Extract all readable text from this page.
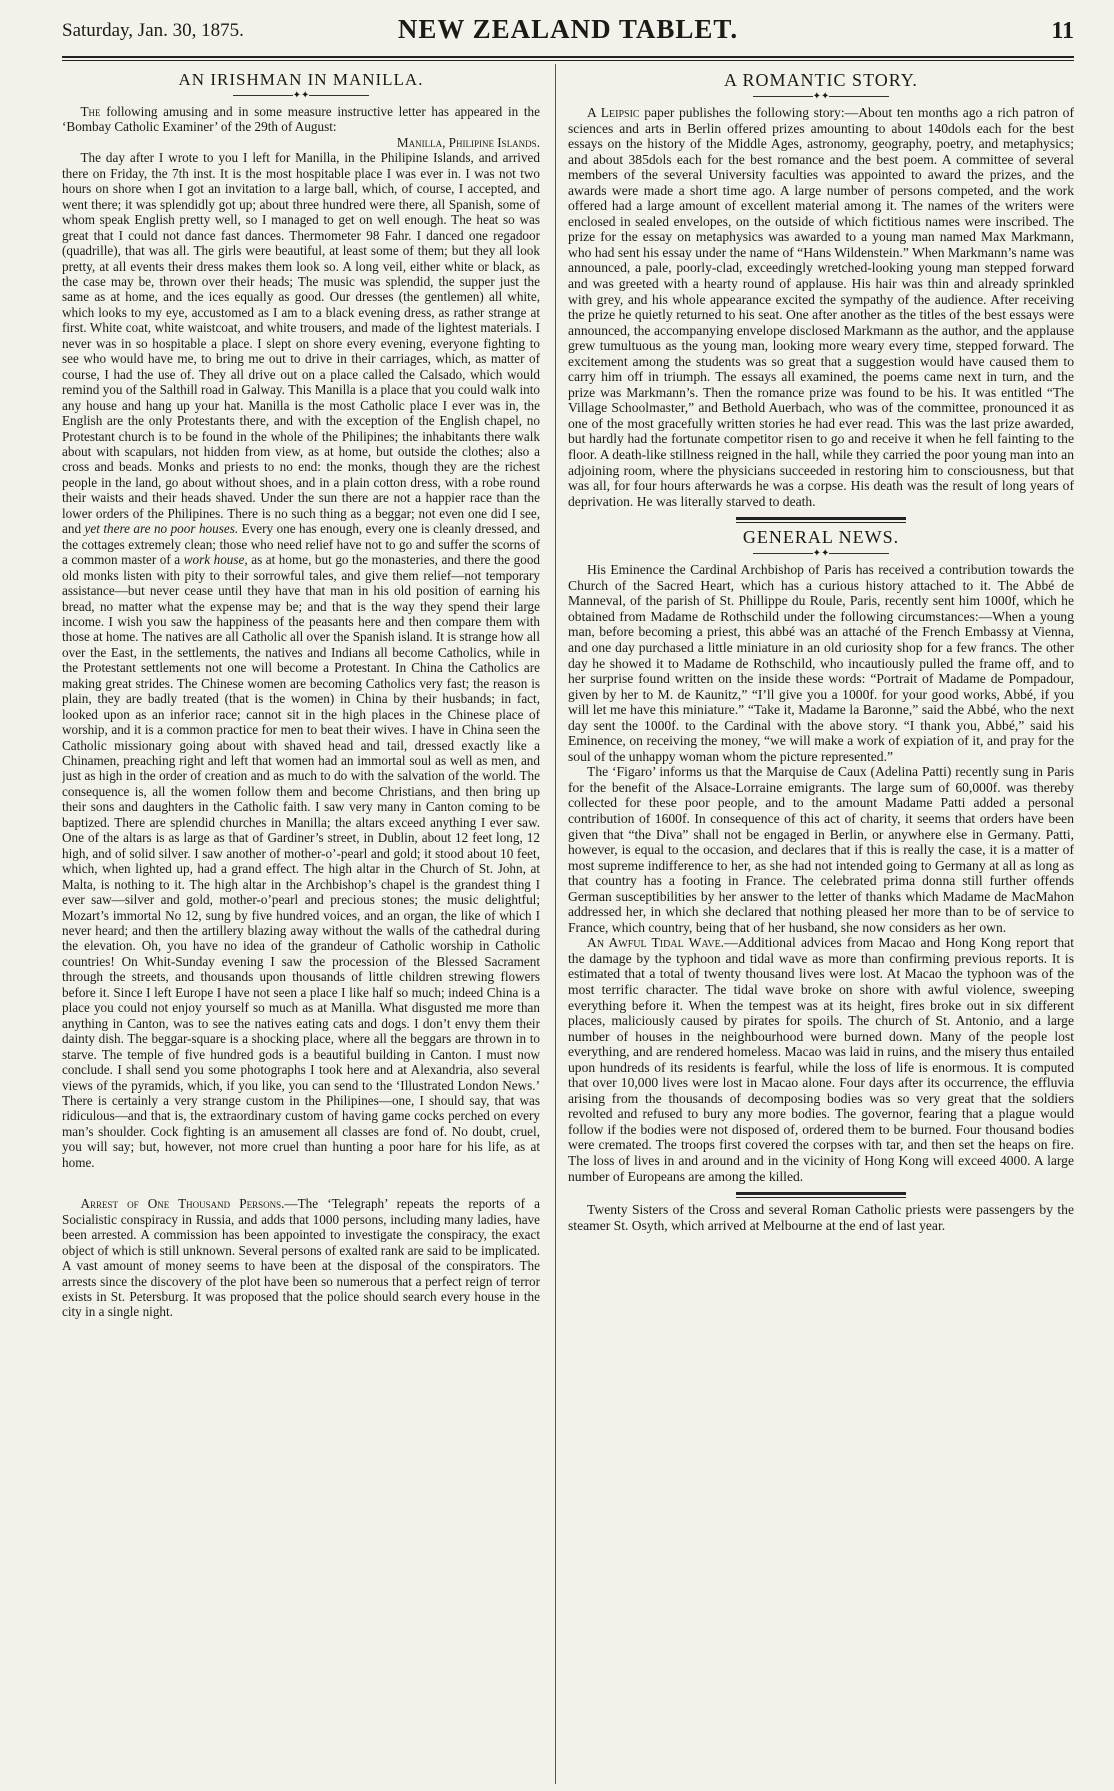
Saturday, Jan. 30, 1875.	NEW ZEALAND TABLET.	11
AN IRISHMAN IN MANILLA.
✦✦

The following amusing and in some measure instructive letter has appeared in the ‘Bombay Catholic Examiner’ of the 29th of August:

Manilla, Philipine Islands.

The day after I wrote to you I left for Manilla, in the Philipine Islands, and arrived there on Friday, the 7th inst. It is the most hospitable place I was ever in. I was not two hours on shore when I got an invitation to a large ball, which, of course, I accepted, and went there; it was splendidly got up; about three hundred were there, all Spanish, some of whom speak English pretty well, so I managed to get on well enough. The heat so was great that I could not dance fast dances. Thermometer 98 Fahr. I danced one regadoor (quadrille), that was all. The girls were beautiful, at least some of them; but they all look pretty, at all events their dress makes them look so. A long veil, either white or black, as the case may be, thrown over their heads; The music was splendid, the supper just the same as at home, and the ices equally as good. Our dresses (the gentlemen) all white, which looks to my eye, accustomed as I am to a black evening dress, as rather strange at first. White coat, white waistcoat, and white trousers, and made of the lightest materials. I never was in so hospitable a place. I slept on shore every evening, everyone fighting to see who would have me, to bring me out to drive in their carriages, which, as matter of course, I had the use of. They all drive out on a place called the Calsado, which would remind you of the Salthill road in Galway. This Manilla is a place that you could walk into any house and hang up your hat. Manilla is the most Catholic place I ever was in, the English are the only Protestants there, and with the exception of the English chapel, no Protestant church is to be found in the whole of the Philipines; the inhabitants there walk about with scapulars, not hidden from view, as at home, but outside the clothes; also a cross and beads. Monks and priests to no end: the monks, though they are the richest people in the land, go about without shoes, and in a plain cotton dress, with a robe round their waists and their heads shaved. Under the sun there are not a happier race than the lower orders of the Philipines. There is no such thing as a beggar; not even one did I see, and yet there are no poor houses. Every one has enough, every one is cleanly dressed, and the cottages extremely clean; those who need relief have not to go and suffer the scorns of a common master of a work house, as at home, but go the monasteries, and there the good old monks listen with pity to their sorrowful tales, and give them relief—not temporary assistance—but never cease until they have that man in his old position of earning his bread, no matter what the expense may be; and that is the way they spend their large income. I wish you saw the happiness of the peasants here and then compare them with those at home. The natives are all Catholic all over the Spanish island. It is strange how all over the East, in the settlements, the natives and Indians all become Catholics, while in the Protestant settlements not one will become a Protestant. In China the Catholics are making great strides. The Chinese women are becoming Catholics very fast; the reason is plain, they are badly treated (that is the women) in China by their husbands; in fact, looked upon as an inferior race; cannot sit in the high places in the Chinese place of worship, and it is a common practice for men to beat their wives. I have in China seen the Catholic missionary going about with shaved head and tail, dressed exactly like a Chinamen, preaching right and left that women had an immortal soul as well as men, and just as high in the order of creation and as much to do with the salvation of the world. The consequence is, all the women follow them and become Christians, and then bring up their sons and daughters in the Catholic faith. I saw very many in Canton coming to be baptized. There are splendid churches in Manilla; the altars exceed anything I ever saw. One of the altars is as large as that of Gardiner’s street, in Dublin, about 12 feet long, 12 high, and of solid silver. I saw another of mother-o’-pearl and gold; it stood about 10 feet, which, when lighted up, had a grand effect. The high altar in the Church of St. John, at Malta, is nothing to it. The high altar in the Archbishop’s chapel is the grandest thing I ever saw—silver and gold, mother-o’pearl and precious stones; the music delightful; Mozart’s immortal No 12, sung by five hundred voices, and an organ, the like of which I never heard; and then the artillery blazing away without the walls of the cathedral during the elevation. Oh, you have no idea of the grandeur of Catholic worship in Catholic countries! On Whit-Sunday evening I saw the procession of the Blessed Sacrament through the streets, and thousands upon thousands of little children strewing flowers before it. Since I left Europe I have not seen a place I like half so much; indeed China is a place you could not enjoy yourself so much as at Manilla. What disgusted me more than anything in Canton, was to see the natives eating cats and dogs. I don’t envy them their dainty dish. The beggar-square is a shocking place, where all the beggars are thrown in to starve. The temple of five hundred gods is a beautiful building in Canton. I must now conclude. I shall send you some photographs I took here and at Alexandria, also several views of the pyramids, which, if you like, you can send to the ‘Illustrated London News.’ There is certainly a very strange custom in the Philipines—one, I should say, that was ridiculous—and that is, the extraordinary custom of having game cocks perched on every man’s shoulder. Cock fighting is an amusement all classes are fond of. No doubt, cruel, you will say; but, however, not more cruel than hunting a poor hare for his life, as at home.

Arrest of One Thousand Persons.—The ‘Telegraph’ repeats the reports of a Socialistic conspiracy in Russia, and adds that 1000 persons, including many ladies, have been arrested. A commission has been appointed to investigate the conspiracy, the exact object of which is still unknown. Several persons of exalted rank are said to be implicated. A vast amount of money seems to have been at the disposal of the conspirators. The arrests since the discovery of the plot have been so numerous that a perfect reign of terror exists in St. Petersburg. It was proposed that the police should search every house in the city in a single night.

A ROMANTIC STORY.
✦✦

A Leipsic paper publishes the following story:—About ten months ago a rich patron of sciences and arts in Berlin offered prizes amounting to about 140dols each for the best essays on the history of the Middle Ages, astronomy, geography, poetry, and metaphysics; and about 385dols each for the best romance and the best poem. A committee of several members of the several University faculties was appointed to award the prizes, and the awards were made a short time ago. A large number of persons competed, and the work offered had a large amount of excellent material among it. The names of the writers were enclosed in sealed envelopes, on the outside of which fictitious names were inscribed. The prize for the essay on metaphysics was awarded to a young man named Max Markmann, who had sent his essay under the name of “Hans Wildenstein.” When Markmann’s name was announced, a pale, poorly-clad, exceedingly wretched-looking young man stepped forward and was greeted with a hearty round of applause. His hair was thin and already sprinkled with grey, and his whole appearance excited the sympathy of the audience. After receiving the prize he quietly returned to his seat. One after another as the titles of the best essays were announced, the accompanying envelope disclosed Markmann as the author, and the applause grew tumultuous as the young man, looking more weary every time, stepped forward. The excitement among the students was so great that a suggestion would have caused them to carry him off in triumph. The essays all examined, the poems came next in turn, and the prize was Markmann’s. Then the romance prize was found to be his. It was entitled “The Village Schoolmaster,” and Bethold Auerbach, who was of the committee, pronounced it as one of the most gracefully written stories he had ever read. This was the last prize awarded, but hardly had the fortunate competitor risen to go and receive it when he fell fainting to the floor. A death-like stillness reigned in the hall, while they carried the poor young man into an adjoining room, where the physicians succeeded in restoring him to consciousness, but that was all, for four hours afterwards he was a corpse. His death was the result of long years of deprivation. He was literally starved to death.

GENERAL NEWS.
✦✦

His Eminence the Cardinal Archbishop of Paris has received a contribution towards the Church of the Sacred Heart, which has a curious history attached to it. The Abbé de Manneval, of the parish of St. Phillippe du Roule, Paris, recently sent him 1000f, which he obtained from Madame de Rothschild under the following circumstances:—When a young man, before becoming a priest, this abbé was an attaché of the French Embassy at Vienna, and one day purchased a little miniature in an old curiosity shop for a few francs. The other day he showed it to Madame de Rothschild, who incautiously pulled the frame off, and to her surprise found written on the inside these words: “Portrait of Madame de Pompadour, given by her to M. de Kaunitz,” “I’ll give you a 1000f. for your good works, Abbé, if you will let me have this miniature.” “Take it, Madame la Baronne,” said the Abbé, who the next day sent the 1000f. to the Cardinal with the above story. “I thank you, Abbé,” said his Eminence, on receiving the money, “we will make a work of expiation of it, and pray for the soul of the unhappy woman whom the picture represented.”

The ‘Figaro’ informs us that the Marquise de Caux (Adelina Patti) recently sung in Paris for the benefit of the Alsace-Lorraine emigrants. The large sum of 60,000f. was thereby collected for these poor people, and to the amount Madame Patti added a personal contribution of 1600f. In consequence of this act of charity, it seems that orders have been given that “the Diva” shall not be engaged in Berlin, or anywhere else in Germany. Patti, however, is equal to the occasion, and declares that if this is really the case, it is a matter of most supreme indifference to her, as she had not intended going to Germany at all as long as that country has a footing in France. The celebrated prima donna still further offends German susceptibilities by her answer to the letter of thanks which Madame de MacMahon addressed her, in which she declared that nothing pleased her more than to be of service to France, which country, being that of her husband, she now considers as her own.

An Awful Tidal Wave.—Additional advices from Macao and Hong Kong report that the damage by the typhoon and tidal wave as more than confirming previous reports. It is estimated that a total of twenty thousand lives were lost. At Macao the typhoon was of the most terrific character. The tidal wave broke on shore with awful violence, sweeping everything before it. When the tempest was at its height, fires broke out in six different places, maliciously caused by pirates for spoils. The church of St. Antonio, and a large number of houses in the neighbourhood were burned down. Many of the people lost everything, and are rendered homeless. Macao was laid in ruins, and the misery thus entailed upon hundreds of its residents is fearful, while the loss of life is enormous. It is computed that over 10,000 lives were lost in Macao alone. Four days after its occurrence, the effluvia arising from the thousands of decomposing bodies was so very great that the soldiers revolted and refused to bury any more bodies. The governor, fearing that a plague would follow if the bodies were not disposed of, ordered them to be burned. Four thousand bodies were cremated. The troops first covered the corpses with tar, and then set the heaps on fire. The loss of lives in and around and in the vicinity of Hong Kong will exceed 4000. A large number of Europeans are among the killed.

Twenty Sisters of the Cross and several Roman Catholic priests were passengers by the steamer St. Osyth, which arrived at Melbourne at the end of last year.
